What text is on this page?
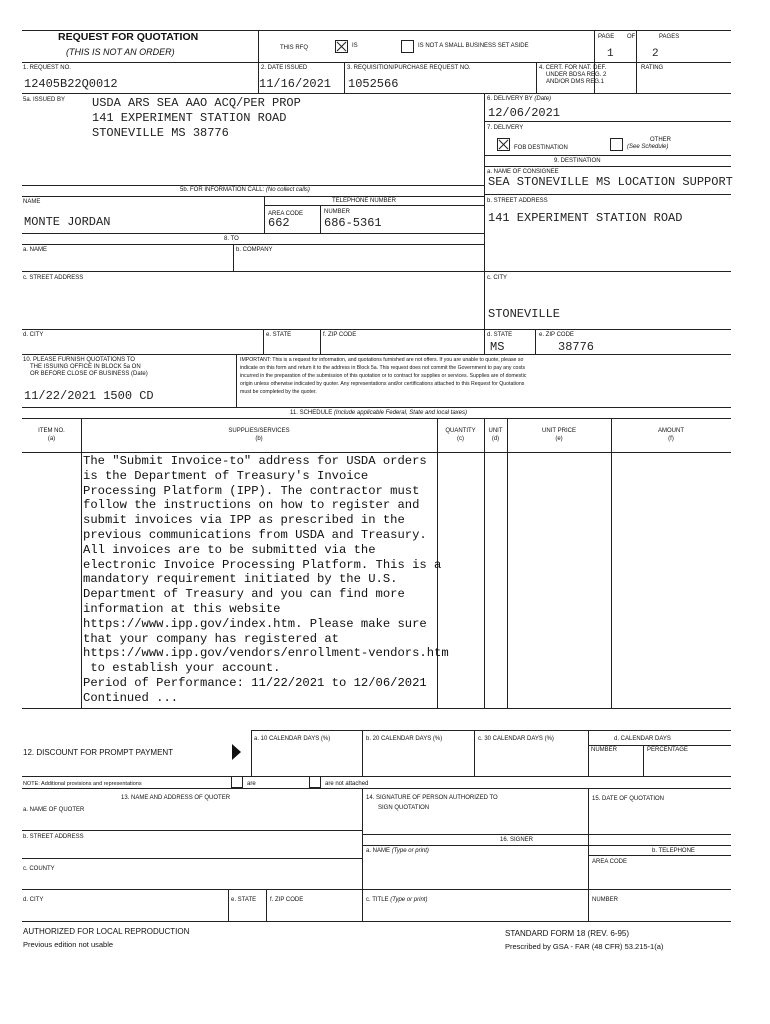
REQUEST FOR QUOTATION
(THIS IS NOT AN ORDER)	THIS RFQ	IS	IS NOT A SMALL BUSINESS SET ASIDE
PAGE OF	PAGES
1	2
1. REQUEST NO.
12405B22Q0012
2. DATE ISSUED
11/16/2021
3. REQUISITION/PURCHASE REQUEST NO.
1052566
4. CERT. FOR NAT. DEF.
UNDER BDSA REG. 2
AND/OR DMS REG.1
RATING
5a. ISSUED BY USDA ARS SEA AAO ACQ/PER PROP
141 EXPERIMENT STATION ROAD
STONEVILLE MS 38776
6. DELIVERY BY (Date)
12/06/2021
7. DELIVERY
FOB DESTINATION
OTHER
(See Schedule)
9. DESTINATION
a. NAME OF CONSIGNEE
SEA STONEVILLE MS LOCATION SUPPORT
b. STREET ADDRESS
141 EXPERIMENT STATION ROAD
c. CITY
STONEVILLE
d. STATE
MS
e. ZIP CODE
38776
5b. FOR INFORMATION CALL: (No collect calls)
NAME
MONTE JORDAN
TELEPHONE NUMBER
AREA CODE
662
NUMBER
686-5361
8. TO
a. NAME	b. COMPANY
c. STREET ADDRESS
d. CITY	e. STATE	f. ZIP CODE
10. PLEASE FURNISH QUOTATIONS TO
THE ISSUING OFFICE IN BLOCK 5a ON
OR BEFORE CLOSE OF BUSINESS (Date)
11/22/2021 1500 CD
IMPORTANT: This is a request for information, and quotations furnished are not offers. If you are unable to quote, please so
indicate on this form and return it to the address in Block 5a. This request does not commit the Government to pay any costs
incurred in the preparation of the submission of this quotation or to contract for supplies or services. Supplies are of domestic
origin unless otherwise indicated by quoter. Any representations and/or certifications attached to this Request for Quotations
must be completed by the quoter.
11. SCHEDULE (Include applicable Federal, State and local taxes)
ITEM NO.
(a)
SUPPLIES/SERVICES
(b)
QUANTITY
(c)
UNIT
(d)
UNIT PRICE
(e)
AMOUNT
(f)
The "Submit Invoice-to" address for USDA orders
is the Department of Treasury's Invoice
Processing Platform (IPP). The contractor must
follow the instructions on how to register and
submit invoices via IPP as prescribed in the
previous communications from USDA and Treasury.
All invoices are to be submitted via the
electronic Invoice Processing Platform. This is a
mandatory requirement initiated by the U.S.
Department of Treasury and you can find more
information at this website
https://www.ipp.gov/index.htm. Please make sure
that your company has registered at
https://www.ipp.gov/vendors/enrollment-vendors.htm
to establish your account.
Period of Performance: 11/22/2021 to 12/06/2021
Continued ...
12. DISCOUNT FOR PROMPT PAYMENT
a. 10 CALENDAR DAYS (%)	b. 20 CALENDAR DAYS (%)	c. 30 CALENDAR DAYS (%)	d. CALENDAR DAYS
NUMBER	PERCENTAGE
NOTE: Additional provisions and representations	are	are not attached
13. NAME AND ADDRESS OF QUOTER
a. NAME OF QUOTER
b. STREET ADDRESS
c. COUNTY
d. CITY	e. STATE f. ZIP CODE
14. SIGNATURE OF PERSON AUTHORIZED TO
SIGN QUOTATION
15. DATE OF QUOTATION
16. SIGNER
a. NAME (Type or print)	b. TELEPHONE
AREA CODE
c. TITLE (Type or print)	NUMBER
AUTHORIZED FOR LOCAL REPRODUCTION
Previous edition not usable
STANDARD FORM 18 (REV. 6-95)
Prescribed by GSA - FAR (48 CFR) 53.215-1(a)
